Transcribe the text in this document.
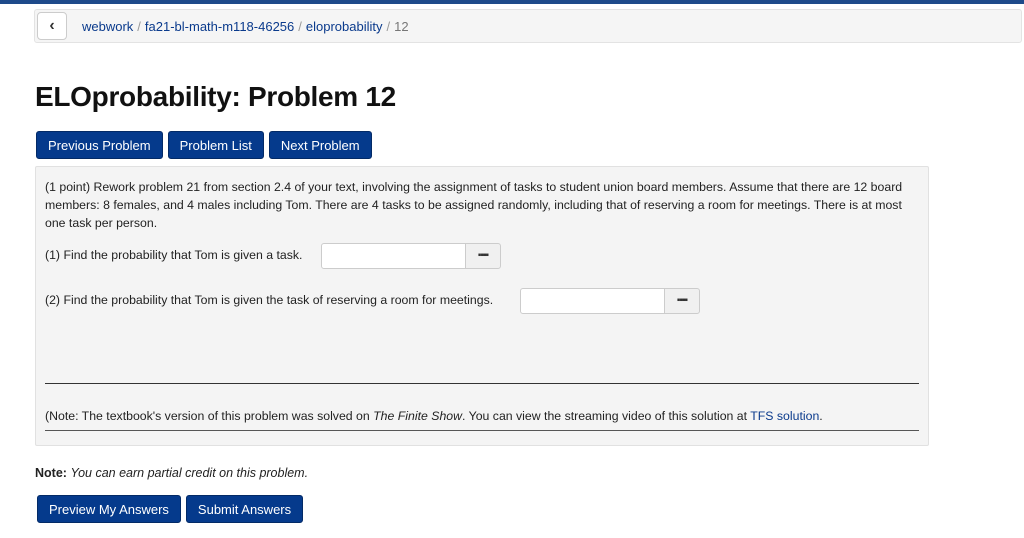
‹	webwork / fa21-bl-math-m118-46256 / eloprobability / 12
ELOprobability: Problem 12
Previous Problem	Problem List	Next Problem
(1 point) Rework problem 21 from section 2.4 of your text, involving the assignment of tasks to student union board members. Assume that there are 12 board members: 8 females, and 4 males including Tom. There are 4 tasks to be assigned randomly, including that of reserving a room for meetings. There is at most one task per person.
(1) Find the probability that Tom is given a task.	▪▪▪▪
(2) Find the probability that Tom is given the task of reserving a room for meetings.	▪▪▪▪
(Note: The textbook's version of this problem was solved on The Finite Show. You can view the streaming video of this solution at TFS solution.
Note: You can earn partial credit on this problem.
Preview My Answers	Submit Answers
